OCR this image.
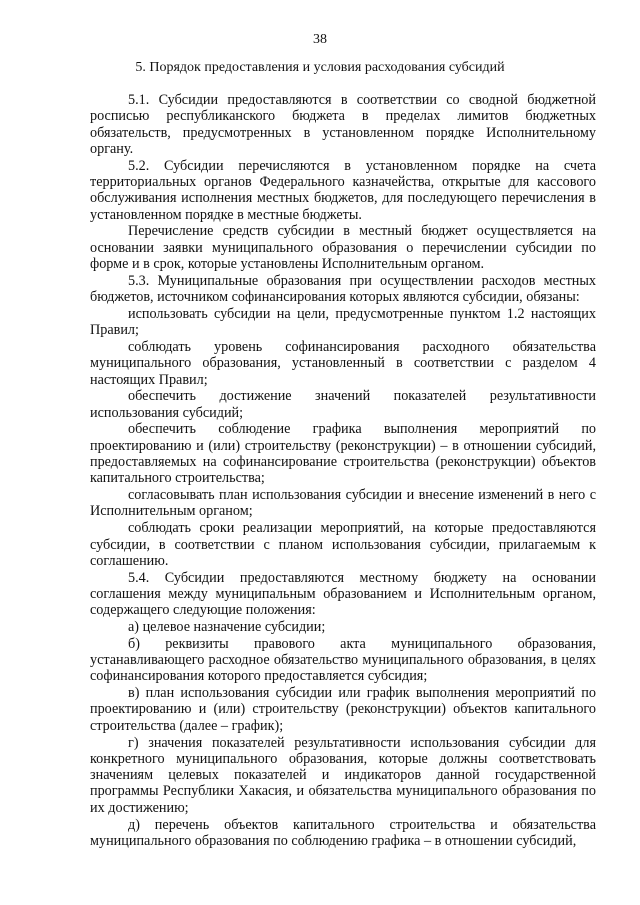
38
5. Порядок предоставления и условия расходования субсидий

5.1. Субсидии предоставляются в соответствии со сводной бюджетной росписью республиканского бюджета в пределах лимитов бюджетных обязательств, предусмотренных в установленном порядке Исполнительному органу.

5.2. Субсидии перечисляются в установленном порядке на счета территориальных органов Федерального казначейства, открытые для кассового обслуживания исполнения местных бюджетов, для последующего перечисления в установленном порядке в местные бюджеты.

Перечисление средств субсидии в местный бюджет осуществляется на основании заявки муниципального образования о перечислении субсидии по форме и в срок, которые установлены Исполнительным органом.

5.3. Муниципальные образования при осуществлении расходов местных бюджетов, источником софинансирования которых являются субсидии, обязаны:

использовать субсидии на цели, предусмотренные пунктом 1.2 настоящих Правил;

соблюдать уровень софинансирования расходного обязательства муниципального образования, установленный в соответствии с разделом 4 настоящих Правил;

обеспечить достижение значений показателей результативности использования субсидий;

обеспечить соблюдение графика выполнения мероприятий по проектированию и (или) строительству (реконструкции) – в отношении субсидий, предоставляемых на софинансирование строительства (реконструкции) объектов капитального строительства;

согласовывать план использования субсидии и внесение изменений в него с Исполнительным органом;

соблюдать сроки реализации мероприятий, на которые предоставляются субсидии, в соответствии с планом использования субсидии, прилагаемым к соглашению.

5.4. Субсидии предоставляются местному бюджету на основании соглашения между муниципальным образованием и Исполнительным органом, содержащего следующие положения:

а) целевое назначение субсидии;

б) реквизиты правового акта муниципального образования, устанавливающего расходное обязательство муниципального образования, в целях софинансирования которого предоставляется субсидия;

в) план использования субсидии или график выполнения мероприятий по проектированию и (или) строительству (реконструкции) объектов капитального строительства (далее – график);

г) значения показателей результативности использования субсидии для конкретного муниципального образования, которые должны соответствовать значениям целевых показателей и индикаторов данной государственной программы Республики Хакасия, и обязательства муниципального образования по их достижению;

д) перечень объектов капитального строительства и обязательства муниципального образования по соблюдению графика – в отношении субсидий,
